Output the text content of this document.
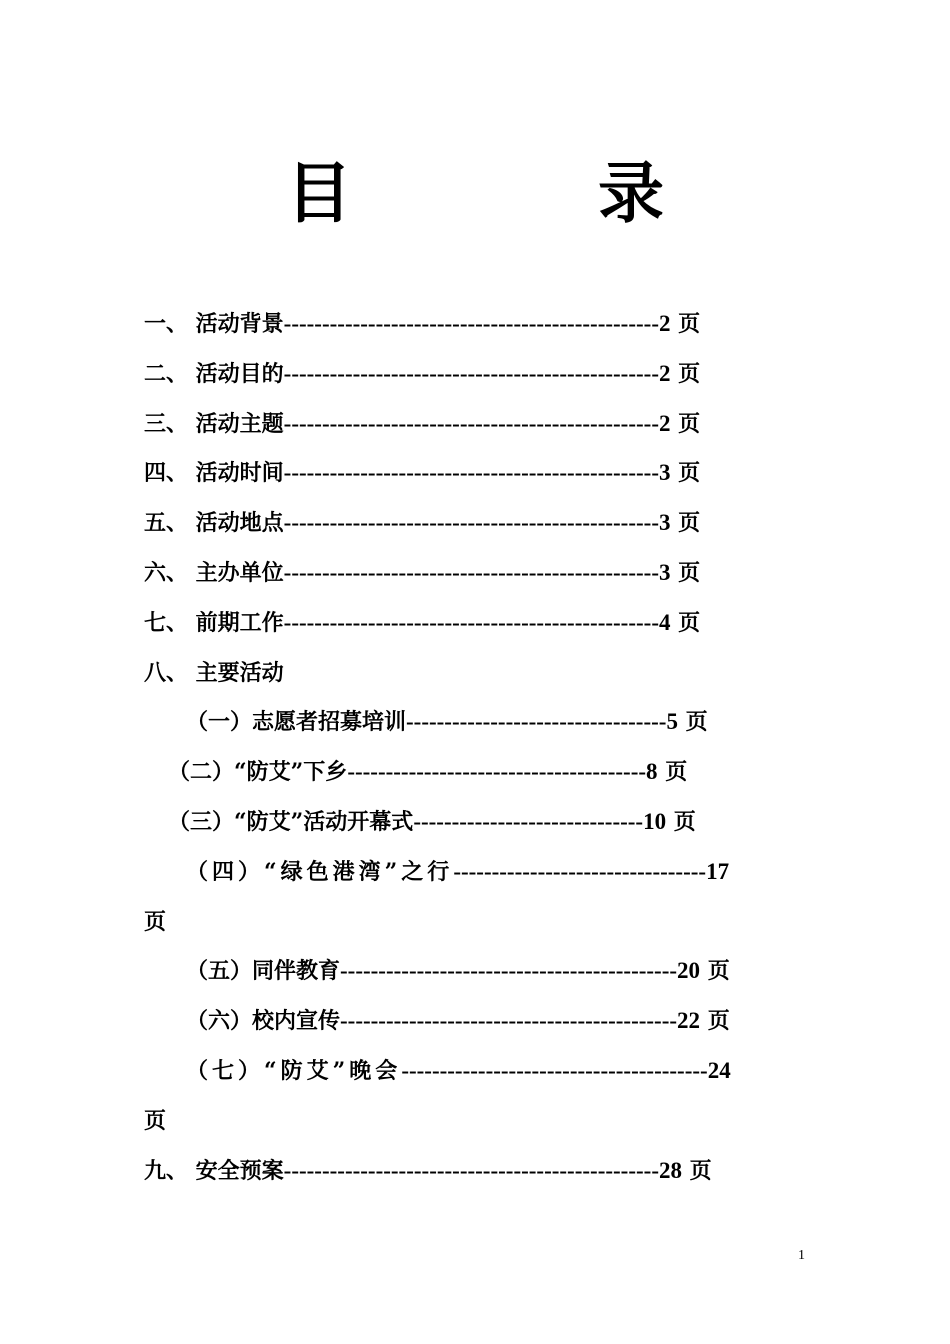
目　录
一、 活动背景-------------------------------------------------2 页
二、 活动目的-------------------------------------------------2 页
三、 活动主题-------------------------------------------------2 页
四、 活动时间-------------------------------------------------3 页
五、 活动地点-------------------------------------------------3 页
六、 主办单位-------------------------------------------------3 页
七、 前期工作-------------------------------------------------4 页
八、 主要活动
（一）志愿者招募培训----------------------------------5 页
（二）“防艾”下乡---------------------------------------8 页
（三）“防艾”活动开幕式------------------------------10 页
（四）“绿色港湾”之行---------------------------------17
页
（五）同伴教育--------------------------------------------20 页
（六）校内宣传--------------------------------------------22 页
（七）“防艾”晚会----------------------------------------24
页
九、 安全预案-------------------------------------------------28 页
1
